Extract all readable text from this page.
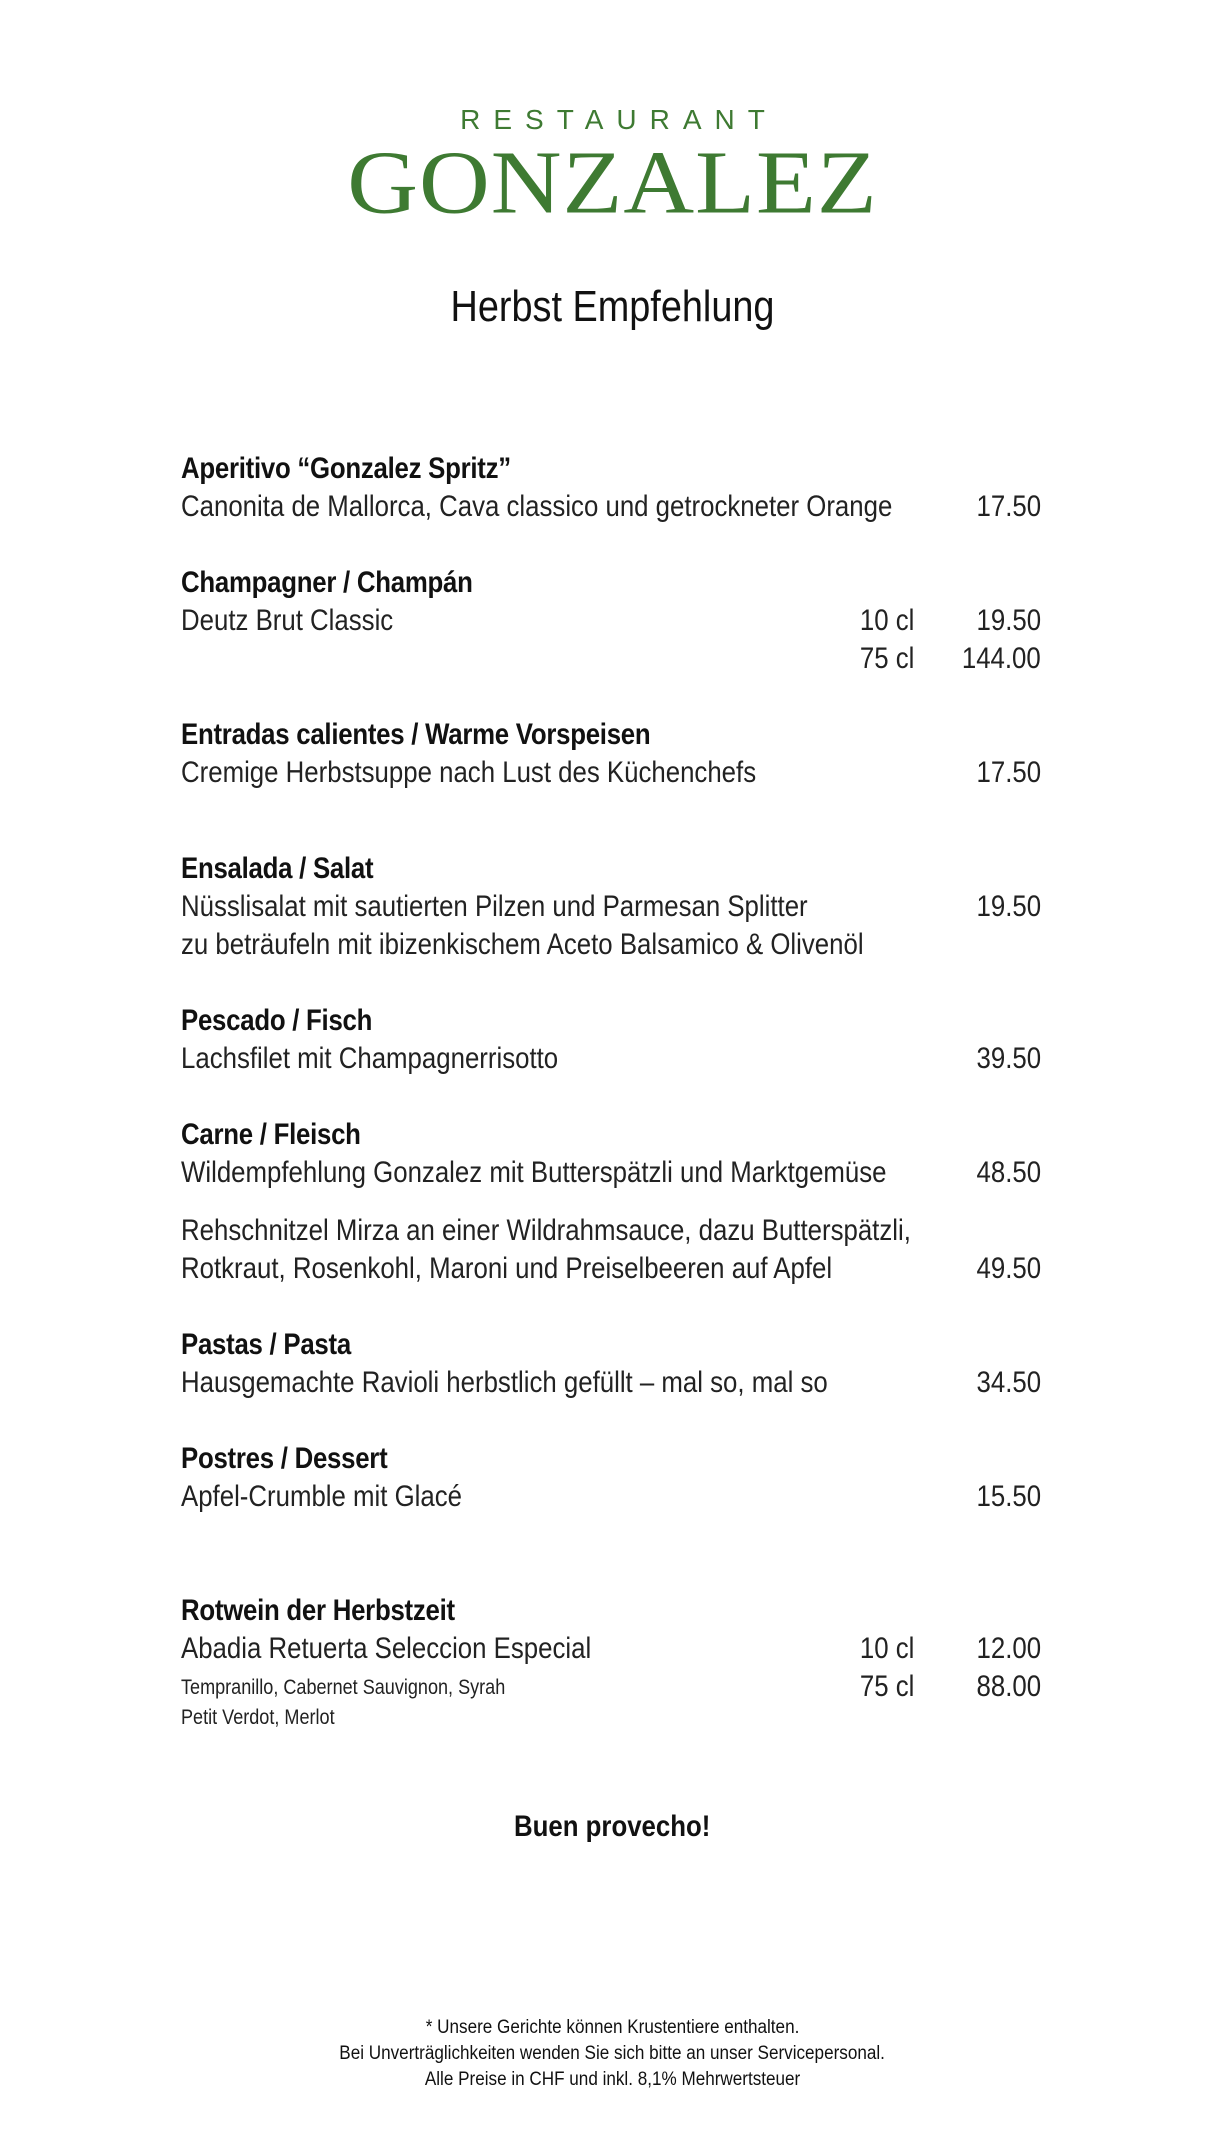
RESTAURANT
GONZALEZ
Herbst Empfehlung
Aperitivo “Gonzalez Spritz”
Canonita de Mallorca, Cava classico und getrockneter Orange	17.50
Champagner / Champán
Deutz Brut Classic	10 cl 19.50
75 cl 144.00
Entradas calientes / Warme Vorspeisen
Cremige Herbstsuppe nach Lust des Küchenchefs	17.50
Ensalada / Salat
Nüsslisalat mit sautierten Pilzen und Parmesan Splitter	19.50
zu beträufeln mit ibizenkischem Aceto Balsamico & Olivenöl
Pescado / Fisch
Lachsfilet mit Champagnerrisotto	39.50
Carne / Fleisch
Wildempfehlung Gonzalez mit Butterspätzli und Marktgemüse	48.50
Rehschnitzel Mirza an einer Wildrahmsauce, dazu Butterspätzli,
Rotkraut, Rosenkohl, Maroni und Preiselbeeren auf Apfel	49.50
Pastas / Pasta
Hausgemachte Ravioli herbstlich gefüllt – mal so, mal so	34.50
Postres / Dessert
Apfel-Crumble mit Glacé	15.50
Rotwein der Herbstzeit
Abadia Retuerta Seleccion Especial	10 cl 12.00
Tempranillo, Cabernet Sauvignon, Syrah	75 cl 88.00
Petit Verdot, Merlot
Buen provecho!
* Unsere Gerichte können Krustentiere enthalten.
Bei Unverträglichkeiten wenden Sie sich bitte an unser Servicepersonal.
Alle Preise in CHF und inkl. 8,1% Mehrwertsteuer
